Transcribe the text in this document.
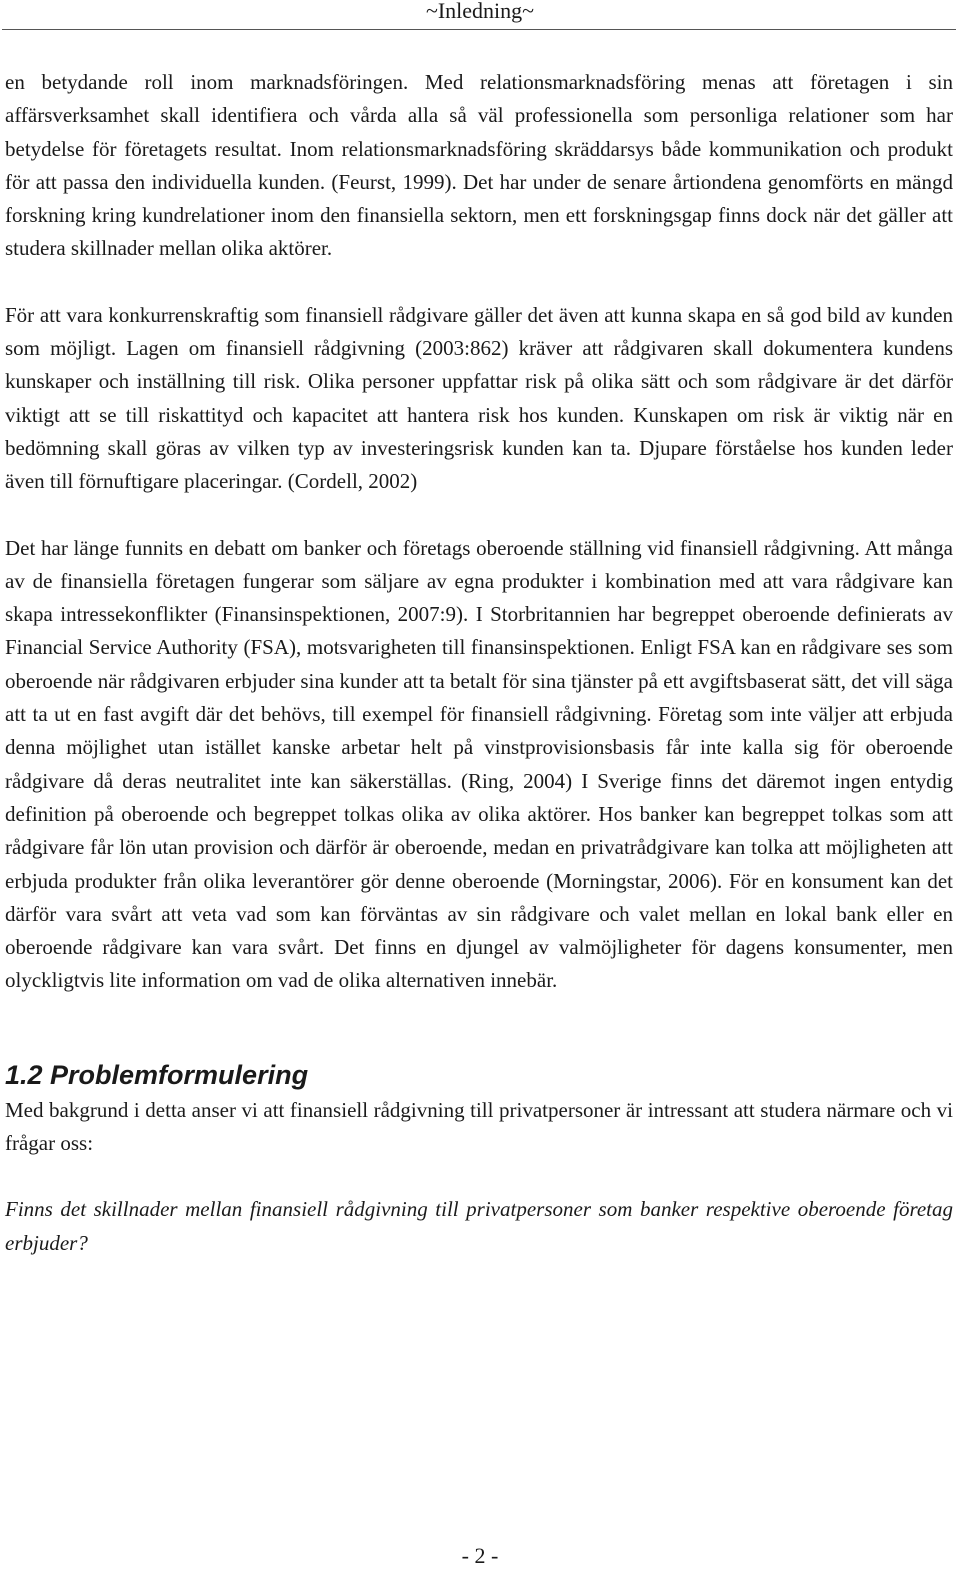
~Inledning~

en betydande roll inom marknadsföringen. Med relationsmarknadsföring menas att företagen i sin affärsverksamhet skall identifiera och vårda alla så väl professionella som personliga relationer som har betydelse för företagets resultat. Inom relationsmarknadsföring skräddarsys både kommunikation och produkt för att passa den individuella kunden. (Feurst, 1999). Det har under de senare årtiondena genomförts en mängd forskning kring kundrelationer inom den finansiella sektorn, men ett forskningsgap finns dock när det gäller att studera skillnader mellan olika aktörer.

För att vara konkurrenskraftig som finansiell rådgivare gäller det även att kunna skapa en så god bild av kunden som möjligt. Lagen om finansiell rådgivning (2003:862) kräver att rådgivaren skall dokumentera kundens kunskaper och inställning till risk. Olika personer uppfattar risk på olika sätt och som rådgivare är det därför viktigt att se till riskattityd och kapacitet att hantera risk hos kunden. Kunskapen om risk är viktig när en bedömning skall göras av vilken typ av investeringsrisk kunden kan ta. Djupare förståelse hos kunden leder även till förnuftigare placeringar. (Cordell, 2002)

Det har länge funnits en debatt om banker och företags oberoende ställning vid finansiell rådgivning. Att många av de finansiella företagen fungerar som säljare av egna produkter i kombination med att vara rådgivare kan skapa intressekonflikter (Finansinspektionen, 2007:9). I Storbritannien har begreppet oberoende definierats av Financial Service Authority (FSA), motsvarigheten till finansinspektionen. Enligt FSA kan en rådgivare ses som oberoende när rådgivaren erbjuder sina kunder att ta betalt för sina tjänster på ett avgiftsbaserat sätt, det vill säga att ta ut en fast avgift där det behövs, till exempel för finansiell rådgivning. Företag som inte väljer att erbjuda denna möjlighet utan istället kanske arbetar helt på vinstprovisionsbasis får inte kalla sig för oberoende rådgivare då deras neutralitet inte kan säkerställas. (Ring, 2004) I Sverige finns det däremot ingen entydig definition på oberoende och begreppet tolkas olika av olika aktörer. Hos banker kan begreppet tolkas som att rådgivare får lön utan provision och därför är oberoende, medan en privatrådgivare kan tolka att möjligheten att erbjuda produkter från olika leverantörer gör denne oberoende (Morningstar, 2006). För en konsument kan det därför vara svårt att veta vad som kan förväntas av sin rådgivare och valet mellan en lokal bank eller en oberoende rådgivare kan vara svårt. Det finns en djungel av valmöjligheter för dagens konsumenter, men olyckligtvis lite information om vad de olika alternativen innebär.

1.2 Problemformulering

Med bakgrund i detta anser vi att finansiell rådgivning till privatpersoner är intressant att studera närmare och vi frågar oss:

Finns det skillnader mellan finansiell rådgivning till privatpersoner som banker respektive oberoende företag erbjuder?

- 2 -
